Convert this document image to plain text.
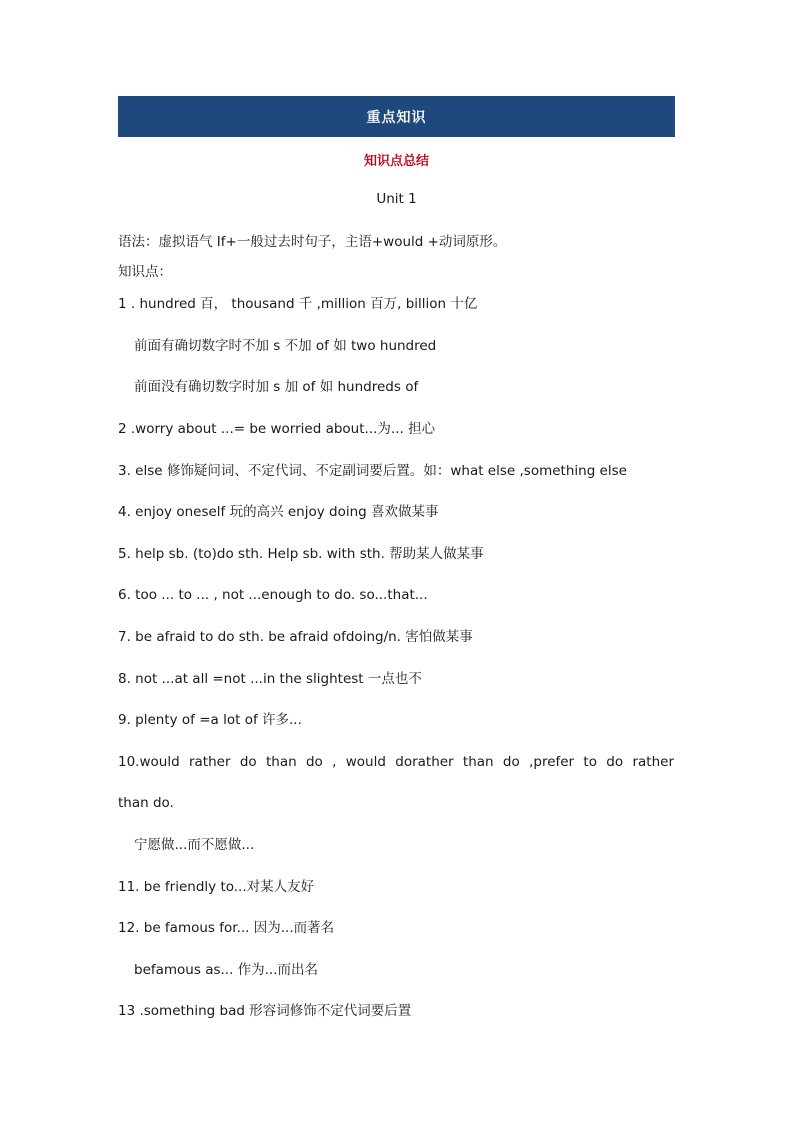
重点知识
知识点总结
Unit 1
语法：虚拟语气 If+一般过去时句子，主语+would +动词原形。
知识点：
1 . hundred 百， thousand 千 ,million 百万, billion 十亿
前面有确切数字时不加 s 不加 of 如 two hundred
前面没有确切数字时加 s 加 of 如 hundreds of
2 .worry about ...= be worried about...为... 担心
3. else 修饰疑问词、不定代词、不定副词要后置。如：what else ,something else
4. enjoy oneself 玩的高兴 enjoy doing 喜欢做某事
5. help sb. (to)do sth. Help sb. with sth. 帮助某人做某事
6. too ... to ... , not ...enough to do. so...that...
7. be afraid to do sth. be afraid ofdoing/n. 害怕做某事
8. not ...at all =not ...in the slightest 一点也不
9. plenty of =a lot of 许多...
10.would rather do than do , would dorather than do ,prefer to do rather
than do.
宁愿做...而不愿做...
11. be friendly to...对某人友好
12. be famous for... 因为...而著名
befamous as... 作为...而出名
13 .something bad 形容词修饰不定代词要后置
